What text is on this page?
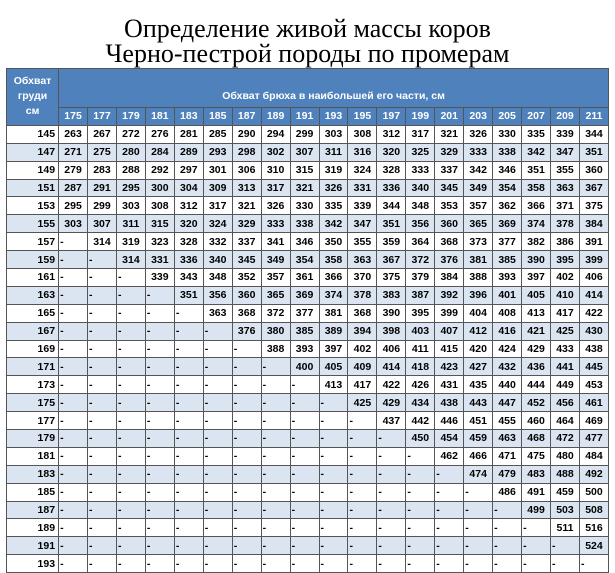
Определение живой массы коров
Черно-пестрой породы по промерам
Обхват
груди
см	Обхват брюха в наибольшей его части, см																		
	175	177	179	181	183	185	187	189	191	193	195	197	199	201	203	205	207	209	211
145	263	267	272	276	281	285	290	294	299	303	308	312	317	321	326	330	335	339	344
147	271	275	280	284	289	293	298	302	307	311	316	320	325	329	333	338	342	347	351
149	279	283	288	292	297	301	306	310	315	319	324	328	333	337	342	346	351	355	360
151	287	291	295	300	304	309	313	317	321	326	331	336	340	345	349	354	358	363	367
153	295	299	303	308	312	317	321	326	330	335	339	344	348	353	357	362	366	371	375
155	303	307	311	315	320	324	329	333	338	342	347	351	356	360	365	369	374	378	384
157	-	314	319	323	328	332	337	341	346	350	355	359	364	368	373	377	382	386	391
159	-	-	314	331	336	340	345	349	354	358	363	367	372	376	381	385	390	395	399
161	-	-	-	339	343	348	352	357	361	366	370	375	379	384	388	393	397	402	406
163	-	-	-	-	351	356	360	365	369	374	378	383	387	392	396	401	405	410	414
165	-	-	-	-	-	363	368	372	377	381	368	390	395	399	404	408	413	417	422
167	-	-	-	-	-	-	376	380	385	389	394	398	403	407	412	416	421	425	430
169	-	-	-	-	-	-	-	388	393	397	402	406	411	415	420	424	429	433	438
171	-	-	-	-	-	-	-	-	400	405	409	414	418	423	427	432	436	441	445
173	-	-	-	-	-	-	-	-	-	413	417	422	426	431	435	440	444	449	453
175	-	-	-	-	-	-	-	-	-	-	425	429	434	438	443	447	452	456	461
177	-	-	-	-	-	-	-	-	-	-	-	437	442	446	451	455	460	464	469
179	-	-	-	-	-	-	-	-	-	-	-	-	450	454	459	463	468	472	477
181	-	-	-	-	-	-	-	-	-	-	-	-	-	462	466	471	475	480	484
183	-	-	-	-	-	-	-	-	-	-	-	-	-	-	474	479	483	488	492
185	-	-	-	-	-	-	-	-	-	-	-	-	-	-	-	486	491	459	500
187	-	-	-	-	-	-	-	-	-	-	-	-	-	-	-	-	499	503	508
189	-	-	-	-	-	-	-	-	-	-	-	-	-	-	-	-	-	511	516
191	-	-	-	-	-	-	-	-	-	-	-	-	-	-	-	-	-	-	524
193	-	-	-	-	-	-	-	-	-	-	-	-	-	-	-	-	-	-	-
